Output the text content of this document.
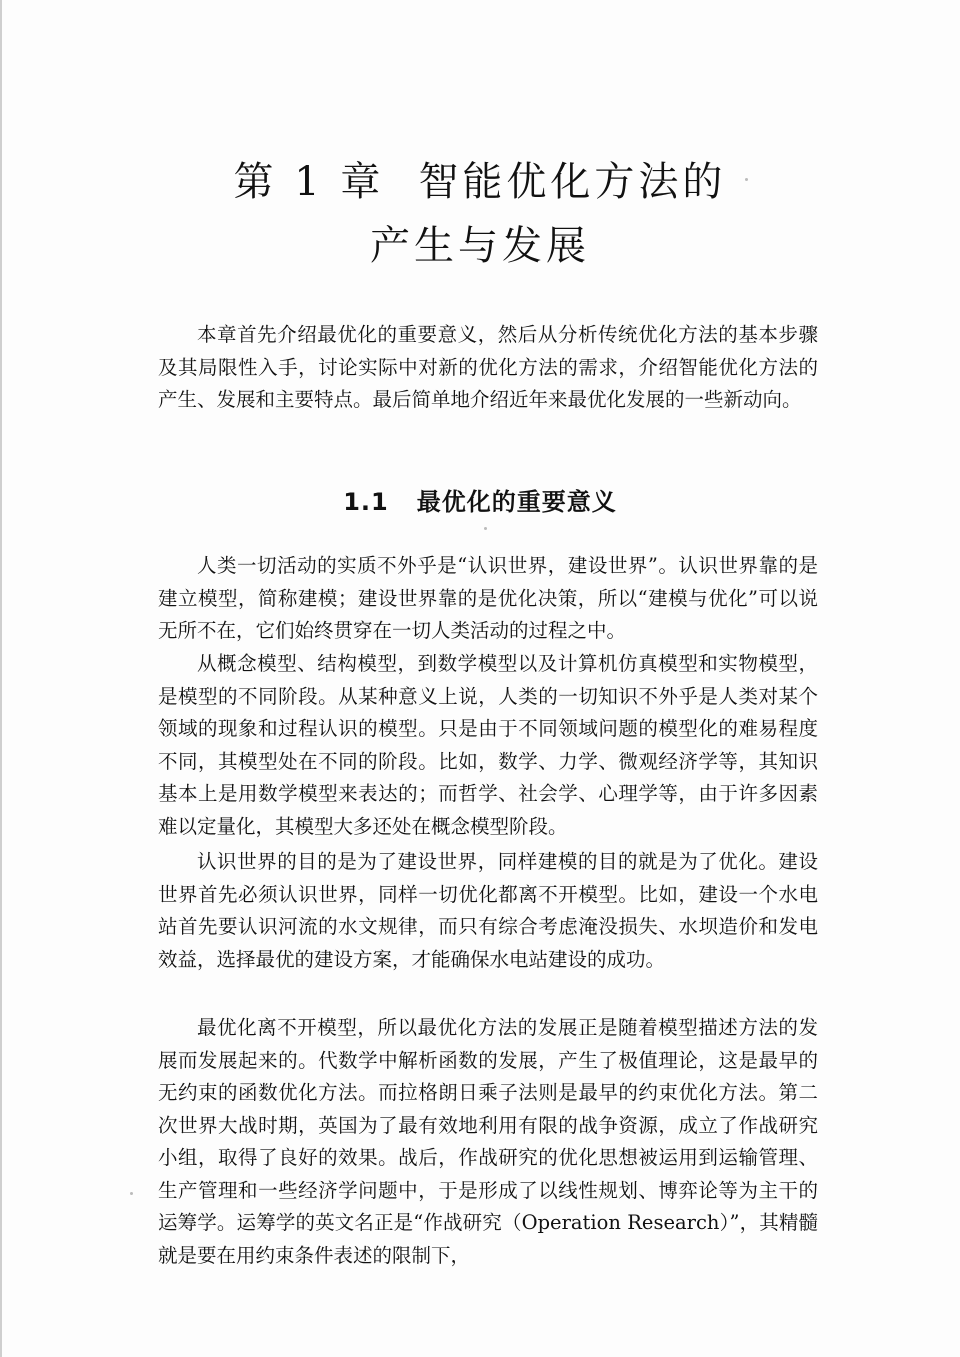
第 1 章 智能优化方法的
产生与发展

本章首先介绍最优化的重要意义，然后从分析传统优化方法的基本步骤及其局限性入手，讨论实际中对新的优化方法的需求，介绍智能优化方法的产生、发展和主要特点。最后简单地介绍近年来最优化发展的一些新动向。

1.1 最优化的重要意义

人类一切活动的实质不外乎是“认识世界，建设世界”。认识世界靠的是建立模型，简称建模；建设世界靠的是优化决策，所以“建模与优化”可以说无所不在，它们始终贯穿在一切人类活动的过程之中。

从概念模型、结构模型，到数学模型以及计算机仿真模型和实物模型，是模型的不同阶段。从某种意义上说，人类的一切知识不外乎是人类对某个领域的现象和过程认识的模型。只是由于不同领域问题的模型化的难易程度不同，其模型处在不同的阶段。比如，数学、力学、微观经济学等，其知识基本上是用数学模型来表达的；而哲学、社会学、心理学等，由于许多因素难以定量化，其模型大多还处在概念模型阶段。

认识世界的目的是为了建设世界，同样建模的目的就是为了优化。建设世界首先必须认识世界，同样一切优化都离不开模型。比如，建设一个水电站首先要认识河流的水文规律，而只有综合考虑淹没损失、水坝造价和发电效益，选择最优的建设方案，才能确保水电站建设的成功。

最优化离不开模型，所以最优化方法的发展正是随着模型描述方法的发展而发展起来的。代数学中解析函数的发展，产生了极值理论，这是最早的无约束的函数优化方法。而拉格朗日乘子法则是最早的约束优化方法。第二次世界大战时期，英国为了最有效地利用有限的战争资源，成立了作战研究小组，取得了良好的效果。战后，作战研究的优化思想被运用到运输管理、生产管理和一些经济学问题中，于是形成了以线性规划、博弈论等为主干的运筹学。运筹学的英文名正是“作战研究（Operation Research）”，其精髓就是要在用约束条件表述的限制下，
